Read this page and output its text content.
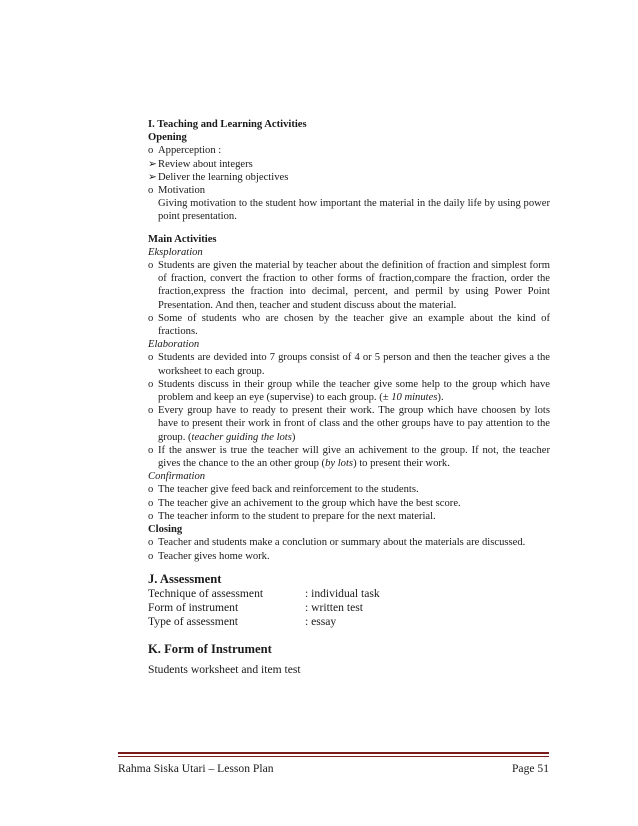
I. Teaching and Learning Activities
Opening
o Apperception :
➢ Review about integers
➢ Deliver the learning objectives
o Motivation
Giving motivation to the student how important the material in the daily life by using power point presentation.
Main Activities
Eksploration
o Students are given the material by teacher about the definition of fraction and simplest form of fraction, convert the fraction to other forms of fraction,compare the fraction, order the fraction,express the fraction into decimal, percent, and permil by using Power Point Presentation. And then, teacher and student discuss about the material.
o Some of students who are chosen by the teacher give an example about the kind of fractions.
Elaboration
o Students are devided into 7 groups consist of 4 or 5 person and then the teacher gives a the worksheet to each group.
o Students discuss in their group while the teacher give some help to the group which have problem and keep an eye (supervise) to each group. (± 10 minutes).
o Every group have to ready to present their work. The group which have choosen by lots have to present their work in front of class and the other groups have to pay attention to the group. (teacher guiding the lots)
o If the answer is true the teacher will give an achivement to the group. If not, the teacher gives the chance to the an other group (by lots) to present their work.
Confirmation
o The teacher give feed back and reinforcement to the students.
o The teacher give an achivement to the group which have the best score.
o The teacher inform to the student to prepare for the next material.
Closing
o Teacher and students make a conclution or summary about the materials are discussed.
o Teacher gives home work.
J. Assessment
Technique of assessment	: individual task
Form of instrument	: written test
Type of assessment	: essay
K. Form of Instrument
Students worksheet and item test
Rahma Siska Utari – Lesson Plan	Page 51
